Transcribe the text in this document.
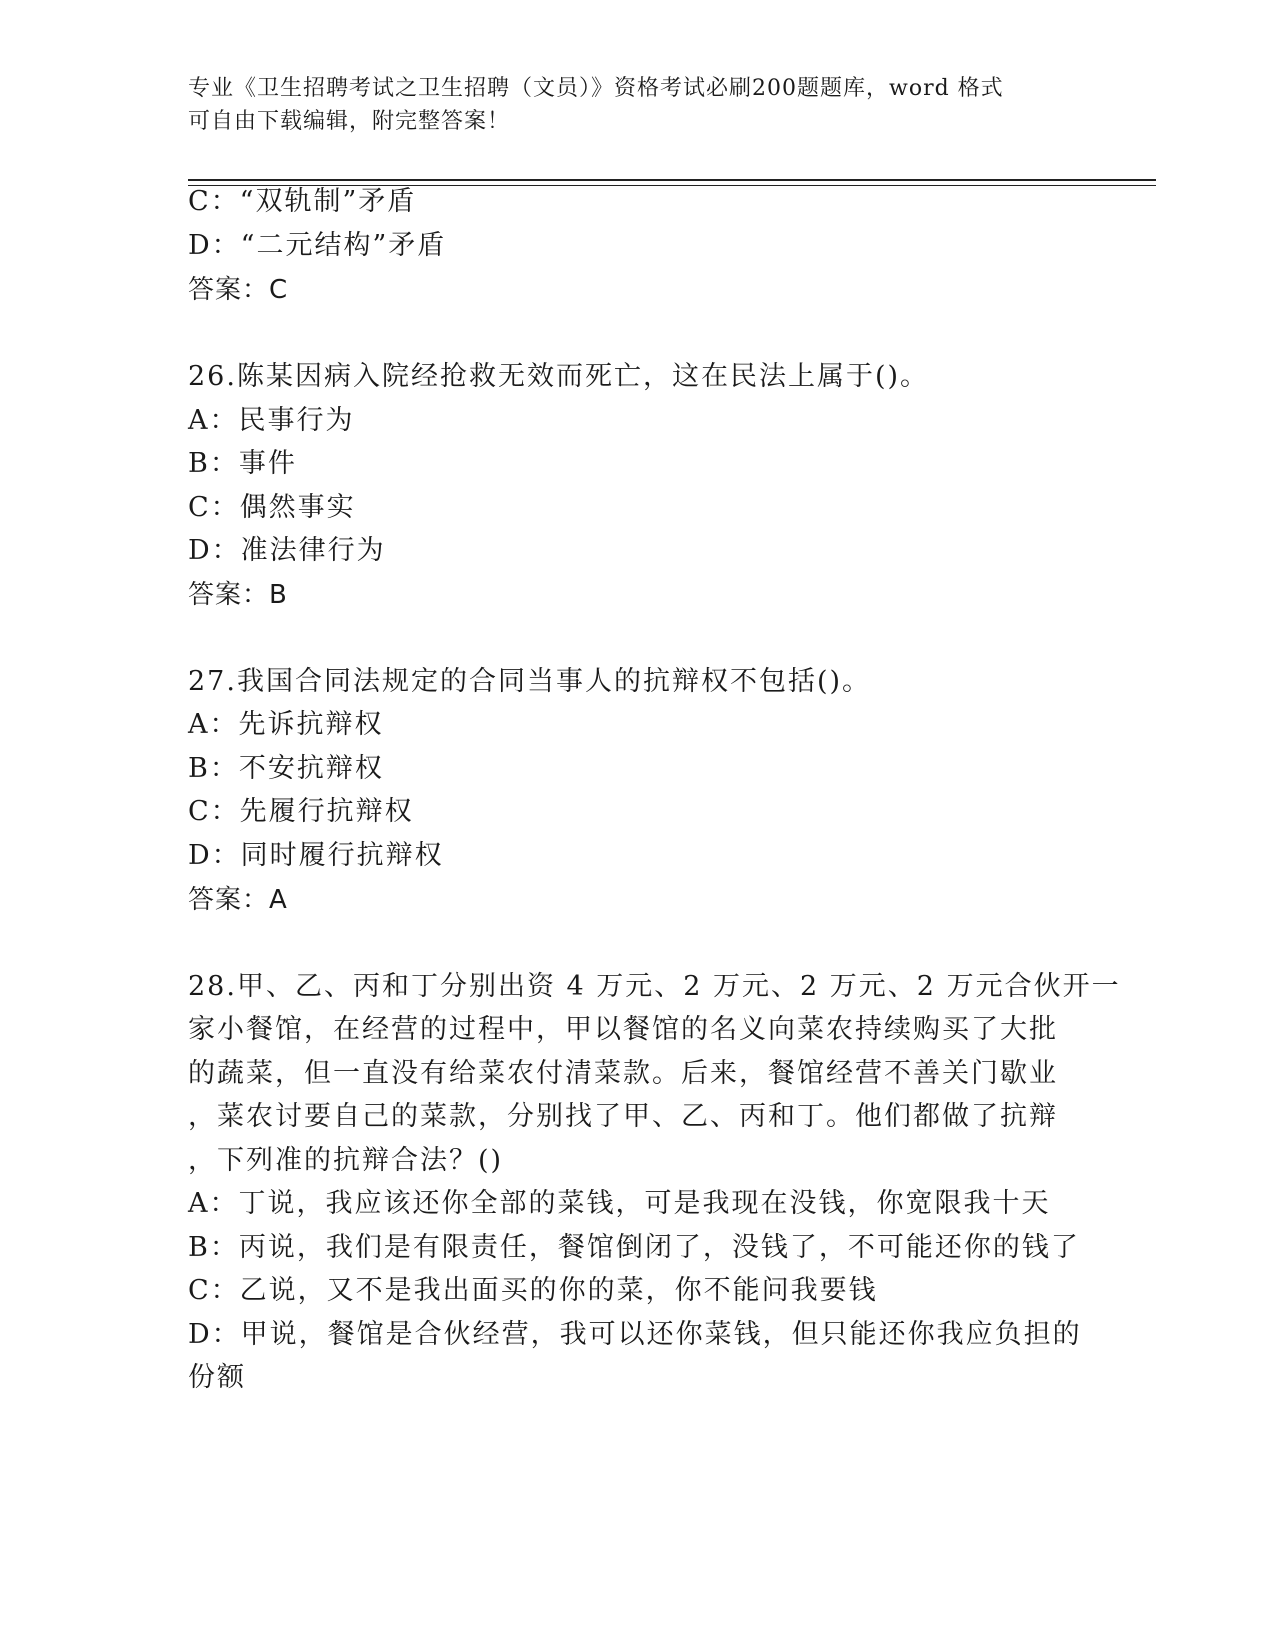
专业《卫生招聘考试之卫生招聘（文员）》资格考试必刷200题题库，word 格式
可自由下载编辑，附完整答案！
C：“双轨制”矛盾
D：“二元结构”矛盾
答案：C
26.陈某因病入院经抢救无效而死亡，这在民法上属于()。
A：民事行为
B：事件
C：偶然事实
D：准法律行为
答案：B
27.我国合同法规定的合同当事人的抗辩权不包括()。
A：先诉抗辩权
B：不安抗辩权
C：先履行抗辩权
D：同时履行抗辩权
答案：A
28.甲、乙、丙和丁分别出资 4 万元、2 万元、2 万元、2 万元合伙开一
家小餐馆，在经营的过程中，甲以餐馆的名义向菜农持续购买了大批
的蔬菜，但一直没有给菜农付清菜款。后来，餐馆经营不善关门歇业
，菜农讨要自己的菜款，分别找了甲、乙、丙和丁。他们都做了抗辩
，下列准的抗辩合法？()
A：丁说，我应该还你全部的菜钱，可是我现在没钱，你宽限我十天
B：丙说，我们是有限责任，餐馆倒闭了，没钱了，不可能还你的钱了
C：乙说，又不是我出面买的你的菜，你不能问我要钱
D：甲说，餐馆是合伙经营，我可以还你菜钱，但只能还你我应负担的
份额
